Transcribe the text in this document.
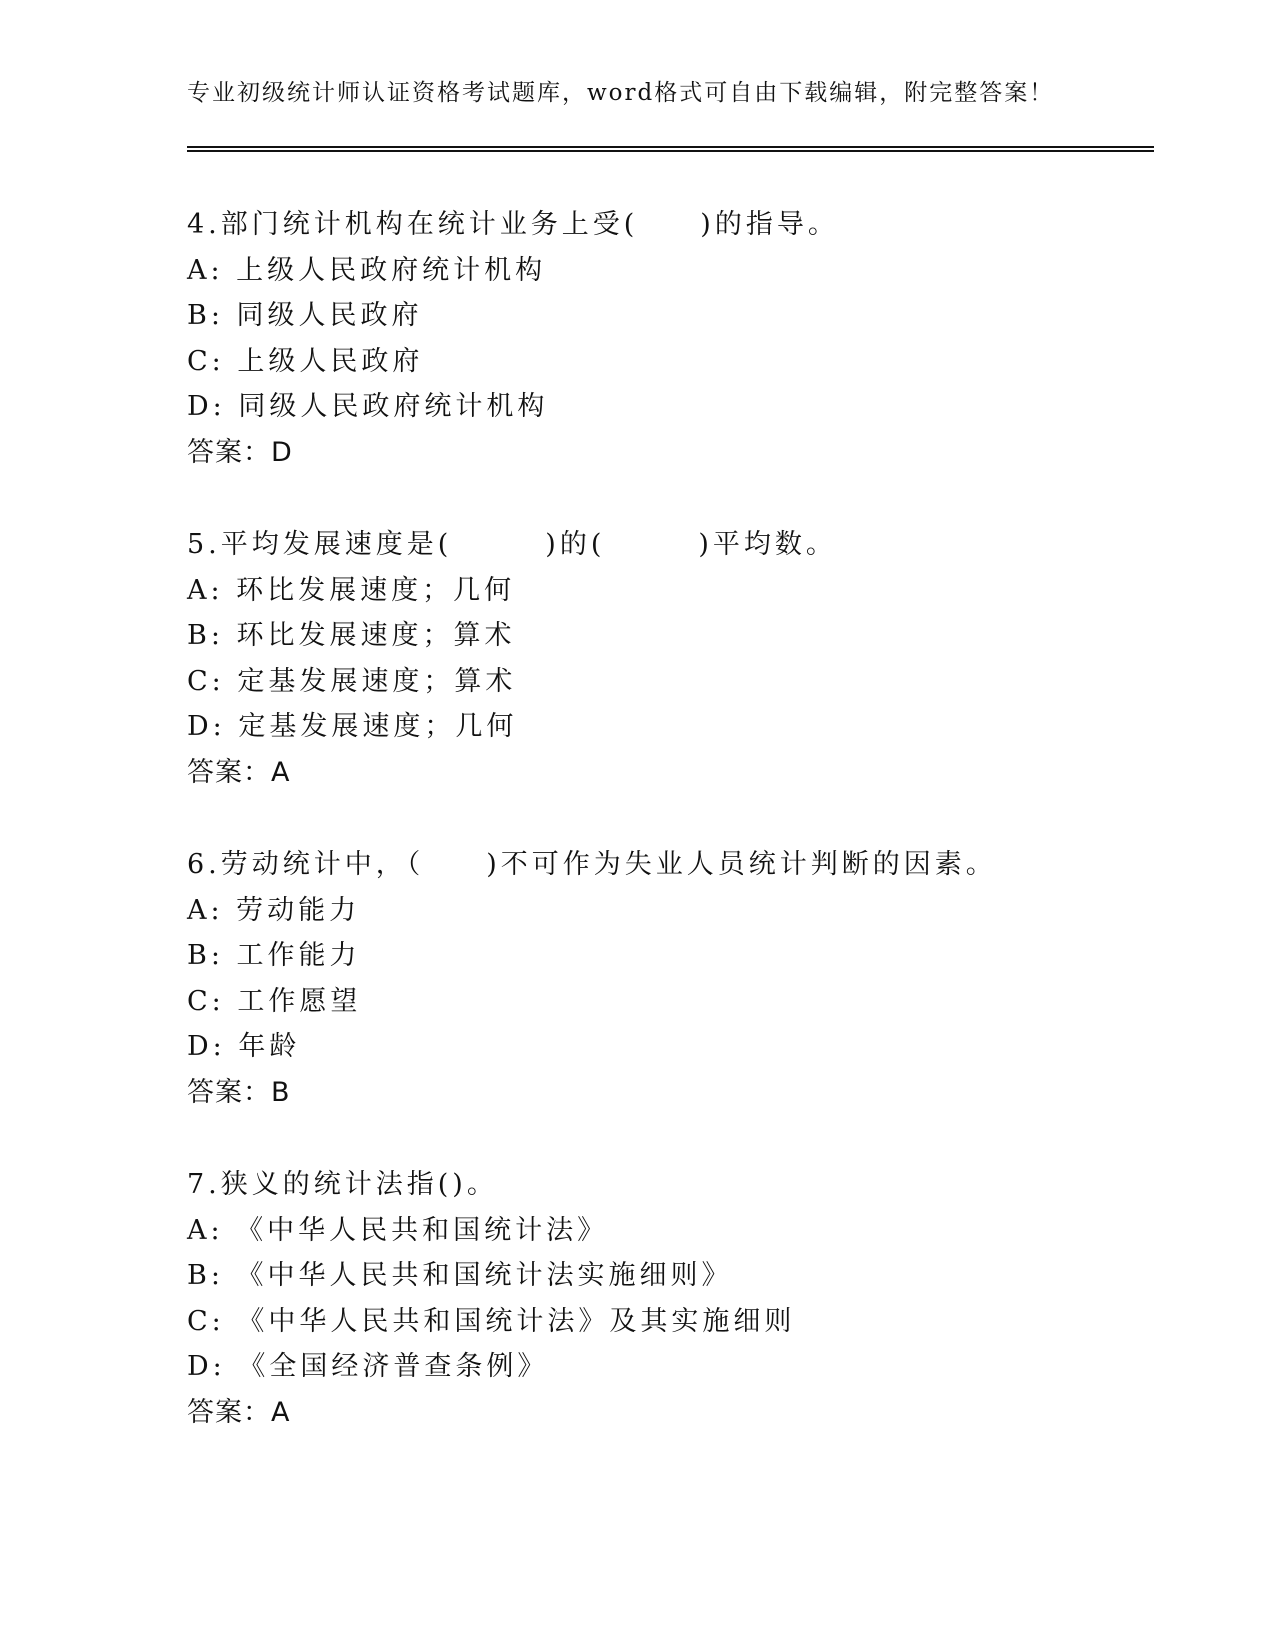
专业初级统计师认证资格考试题库，word格式可自由下载编辑，附完整答案！
4.部门统计机构在统计业务上受(　　)的指导。
A: 上级人民政府统计机构
B: 同级人民政府
C: 上级人民政府
D: 同级人民政府统计机构
答案：D
5.平均发展速度是(　　　)的(　　　)平均数。
A: 环比发展速度；几何
B: 环比发展速度；算术
C: 定基发展速度；算术
D: 定基发展速度；几何
答案：A
6.劳动统计中，（　　)不可作为失业人员统计判断的因素。
A: 劳动能力
B: 工作能力
C: 工作愿望
D: 年龄
答案：B
7.狭义的统计法指()。
A: 《中华人民共和国统计法》
B: 《中华人民共和国统计法实施细则》
C: 《中华人民共和国统计法》及其实施细则
D: 《全国经济普查条例》
答案：A
